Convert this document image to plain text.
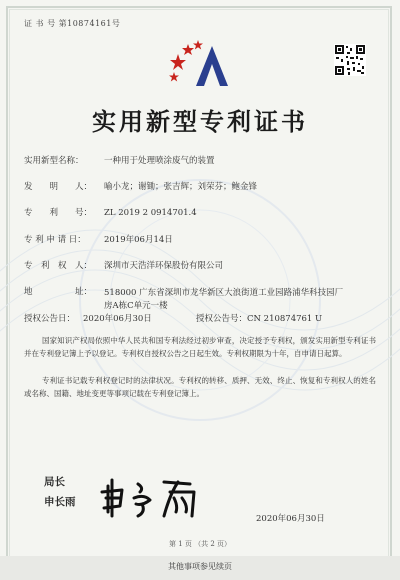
证 书 号 第10874161号
实用新型专利证书
实用新型名称： 一种用于处理喷涂废气的装置
发　　明　　人： 喻小龙；谢锄；张吉辉；刘荣芬；鲍金锋
专　　利　　号： ZL 2019 2 0914701.4
专 利 申 请 日： 2019年06月14日
专　利　权　人： 深圳市天浩洋环保股份有限公司
地　　　　　址： 518000 广东省深圳市龙华新区大浪街道工业园路浦华科技园厂房A栋C单元一楼
授权公告日： 2020年06月30日	授权公告号：CN 210874761 U
国家知识产权局依照中华人民共和国专利法经过初步审查，决定授予专利权，颁发实用新型专利证书并在专利登记簿上予以登记。专利权自授权公告之日起生效。专利权期限为十年，自申请日起算。
专利证书记载专利权登记时的法律状况。专利权的转移、质押、无效、终止、恢复和专利权人的姓名或名称、国籍、地址变更等事项记载在专利登记簿上。
局长
申长雨
2020年06月30日
第 1 页 （共 2 页）
其他事项参见续页
